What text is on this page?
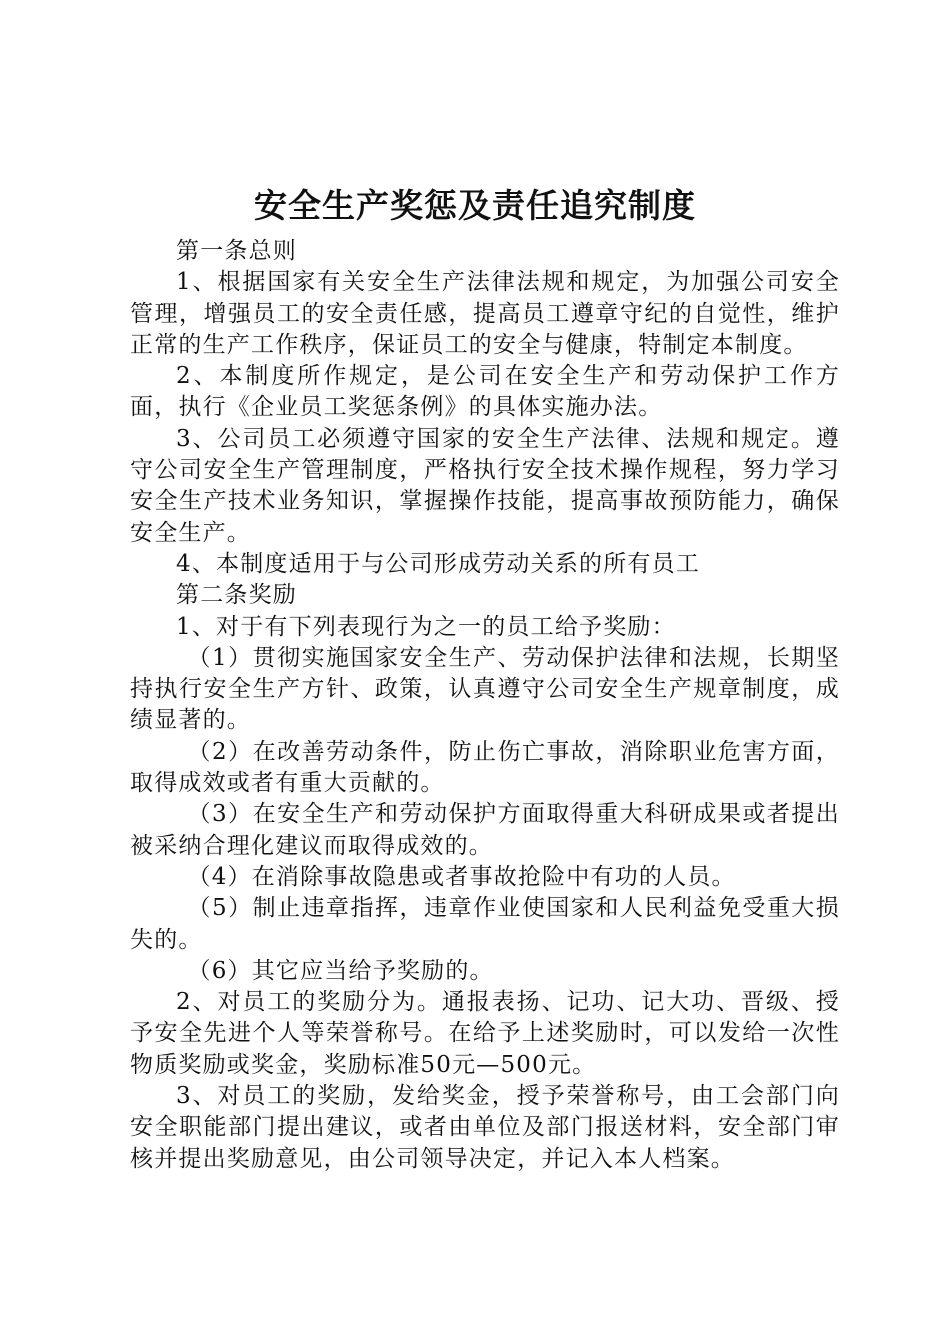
安全生产奖惩及责任追究制度

第一条总则

1、根据国家有关安全生产法律法规和规定，为加强公司安全管理，增强员工的安全责任感，提高员工遵章守纪的自觉性，维护正常的生产工作秩序，保证员工的安全与健康，特制定本制度。

2、本制度所作规定，是公司在安全生产和劳动保护工作方面，执行《企业员工奖惩条例》的具体实施办法。

3、公司员工必须遵守国家的安全生产法律、法规和规定。遵守公司安全生产管理制度，严格执行安全技术操作规程，努力学习安全生产技术业务知识，掌握操作技能，提高事故预防能力，确保安全生产。

4、本制度适用于与公司形成劳动关系的所有员工

第二条奖励

1、对于有下列表现行为之一的员工给予奖励：

（1）贯彻实施国家安全生产、劳动保护法律和法规，长期坚持执行安全生产方针、政策，认真遵守公司安全生产规章制度，成绩显著的。

（2）在改善劳动条件，防止伤亡事故，消除职业危害方面，取得成效或者有重大贡献的。

（3）在安全生产和劳动保护方面取得重大科研成果或者提出被采纳合理化建议而取得成效的。

（4）在消除事故隐患或者事故抢险中有功的人员。

（5）制止违章指挥，违章作业使国家和人民利益免受重大损失的。

（6）其它应当给予奖励的。

2、对员工的奖励分为。通报表扬、记功、记大功、晋级、授予安全先进个人等荣誉称号。在给予上述奖励时，可以发给一次性物质奖励或奖金，奖励标准50元—500元。

3、对员工的奖励，发给奖金，授予荣誉称号，由工会部门向安全职能部门提出建议，或者由单位及部门报送材料，安全部门审核并提出奖励意见，由公司领导决定，并记入本人档案。
